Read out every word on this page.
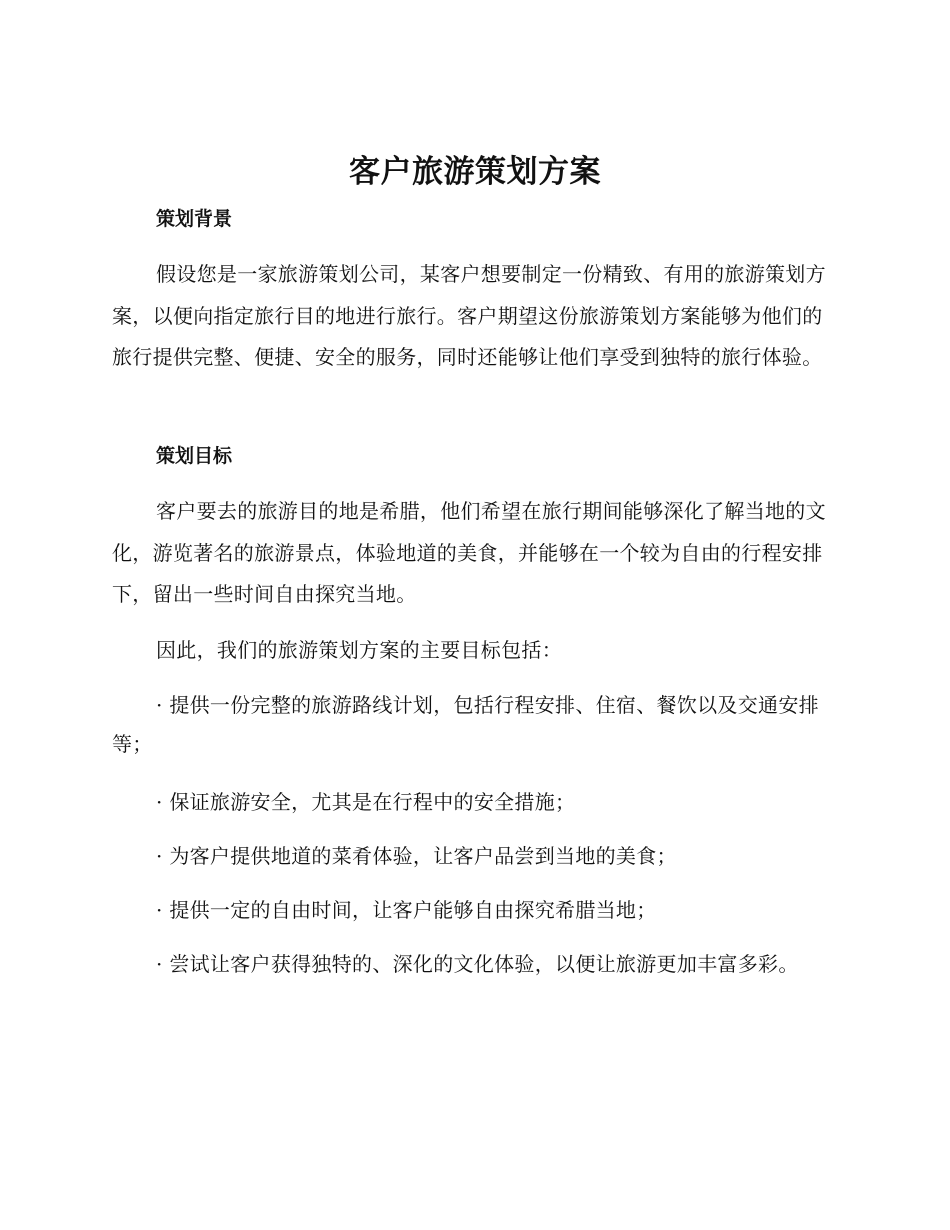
客户旅游策划方案
策划背景
假设您是一家旅游策划公司，某客户想要制定一份精致、有用的旅游策划方案，以便向指定旅行目的地进行旅行。客户期望这份旅游策划方案能够为他们的旅行提供完整、便捷、安全的服务，同时还能够让他们享受到独特的旅行体验。
策划目标
客户要去的旅游目的地是希腊，他们希望在旅行期间能够深化了解当地的文化，游览著名的旅游景点，体验地道的美食，并能够在一个较为自由的行程安排下，留出一些时间自由探究当地。
因此，我们的旅游策划方案的主要目标包括：
· 提供一份完整的旅游路线计划，包括行程安排、住宿、餐饮以及交通安排等；
· 保证旅游安全，尤其是在行程中的安全措施；
· 为客户提供地道的菜肴体验，让客户品尝到当地的美食；
· 提供一定的自由时间，让客户能够自由探究希腊当地；
· 尝试让客户获得独特的、深化的文化体验，以便让旅游更加丰富多彩。
